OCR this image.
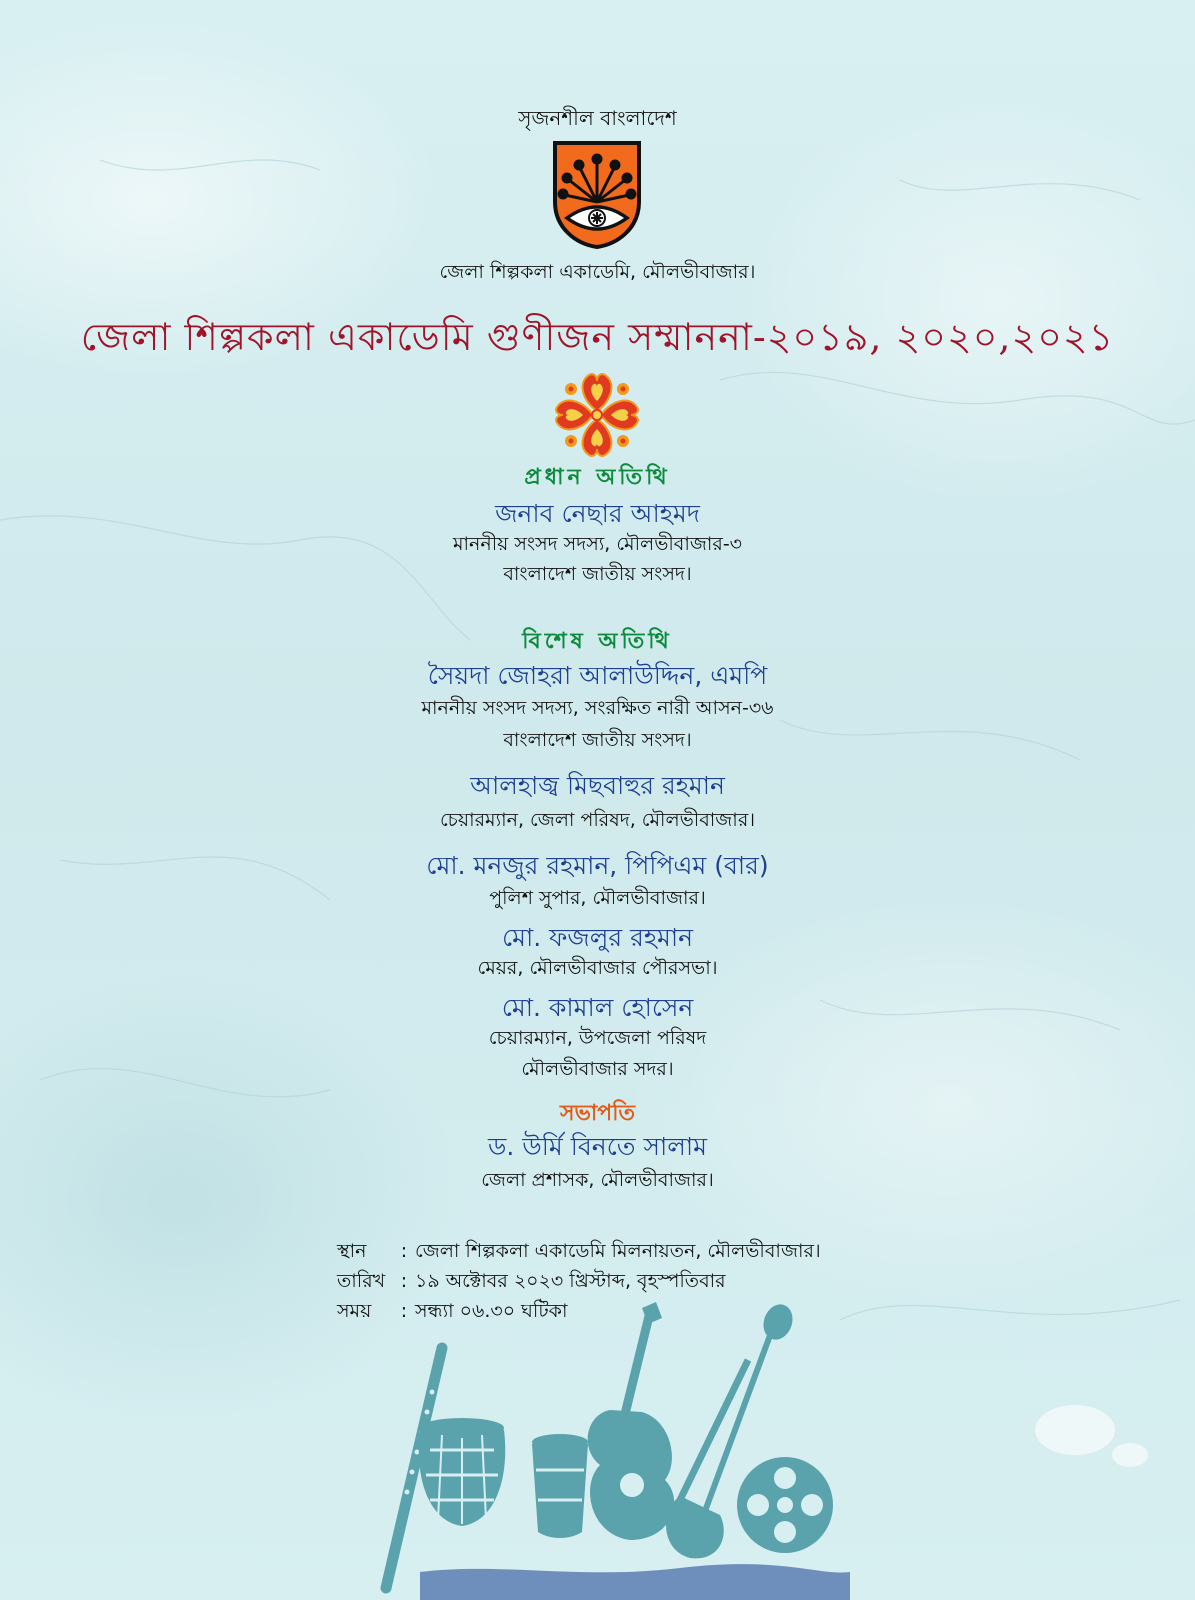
সৃজনশীল বাংলাদেশ
জেলা শিল্পকলা একাডেমি, মৌলভীবাজার।
জেলা শিল্পকলা একাডেমি গুণীজন সম্মাননা-২০১৯, ২০২০,২০২১
প্রধান অতিথি
জনাব নেছার আহমদ
মাননীয় সংসদ সদস্য, মৌলভীবাজার-৩
বাংলাদেশ জাতীয় সংসদ।
বিশেষ অতিথি
সৈয়দা জোহরা আলাউদ্দিন, এমপি
মাননীয় সংসদ সদস্য, সংরক্ষিত নারী আসন-৩৬
বাংলাদেশ জাতীয় সংসদ।
আলহাজ্ব মিছবাহুর রহমান
চেয়ারম্যান, জেলা পরিষদ, মৌলভীবাজার।
মো. মনজুর রহমান, পিপিএম (বার)
পুলিশ সুপার, মৌলভীবাজার।
মো. ফজলুর রহমান
মেয়র, মৌলভীবাজার পৌরসভা।
মো. কামাল হোসেন
চেয়ারম্যান, উপজেলা পরিষদ
মৌলভীবাজার সদর।
সভাপতি
ড. উর্মি বিনতে সালাম
জেলা প্রশাসক, মৌলভীবাজার।
স্থান : জেলা শিল্পকলা একাডেমি মিলনায়তন, মৌলভীবাজার।
তারিখ : ১৯ অক্টোবর ২০২৩ খ্রিস্টাব্দ, বৃহস্পতিবার
সময় : সন্ধ্যা ০৬.৩০ ঘটিকা
